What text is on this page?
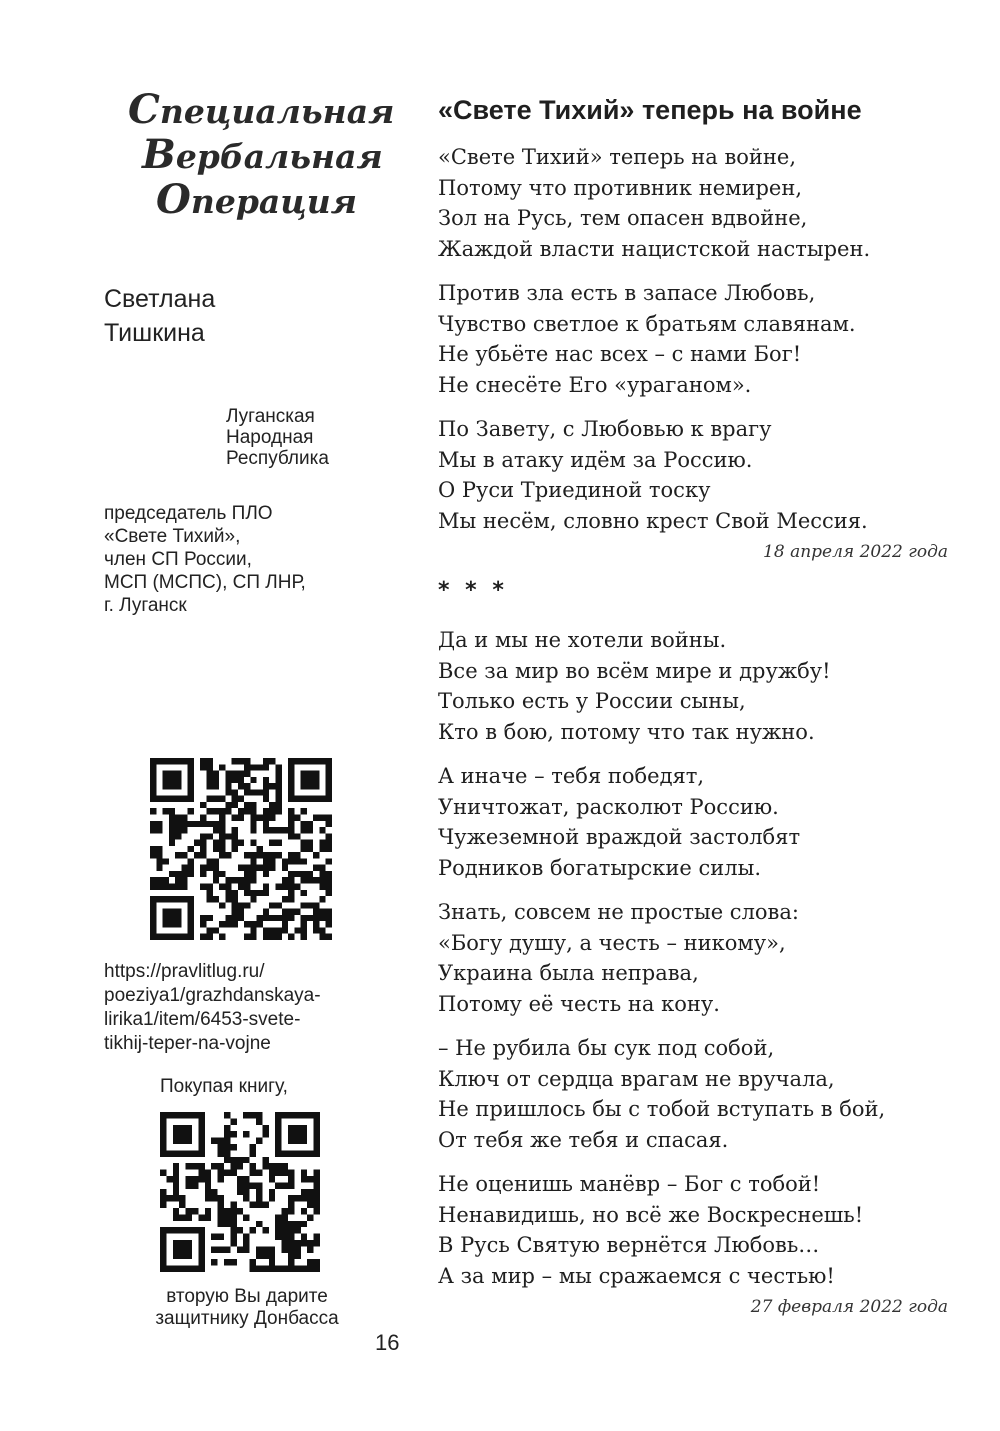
Специальная
Вербальная
Операция
Светлана
Тишкина
Луганская
Народная
Республика
председатель ПЛО
«Свете Тихий»,
член СП России,
МСП (МСПС), СП ЛНР,
г. Луганск
https://pravlitlug.ru/
poeziya1/grazhdanskaya-
lirika1/item/6453-svete-
tikhij-teper-na-vojne
Покупая книгу,
вторую Вы дарите
защитнику Донбасса
16
«Свете Тихий» теперь на войне
«Свете Тихий» теперь на войне,
Потому что противник немирен,
Зол на Русь, тем опасен вдвойне,
Жаждой власти нацистской настырен.
Против зла есть в запасе Любовь,
Чувство светлое к братьям славянам.
Не убьёте нас всех – с нами Бог!
Не снесёте Его «ураганом».
По Завету, с Любовью к врагу
Мы в атаку идём за Россию.
О Руси Триединой тоску
Мы несём, словно крест Свой Мессия.
18 апреля 2022 года
* * *
Да и мы не хотели войны.
Все за мир во всём мире и дружбу!
Только есть у России сыны,
Кто в бою, потому что так нужно.
А иначе – тебя победят,
Уничтожат, расколют Россию.
Чужеземной враждой застолбят
Родников богатырские силы.
Знать, совсем не простые слова:
«Богу душу, а честь – никому»,
Украина была неправа,
Потому её честь на кону.
– Не рубила бы сук под собой,
Ключ от сердца врагам не вручала,
Не пришлось бы с тобой вступать в бой,
От тебя же тебя и спасая.
Не оценишь манёвр – Бог с тобой!
Ненавидишь, но всё же Воскреснешь!
В Русь Святую вернётся Любовь…
А за мир – мы сражаемся с честью!
27 февраля 2022 года
